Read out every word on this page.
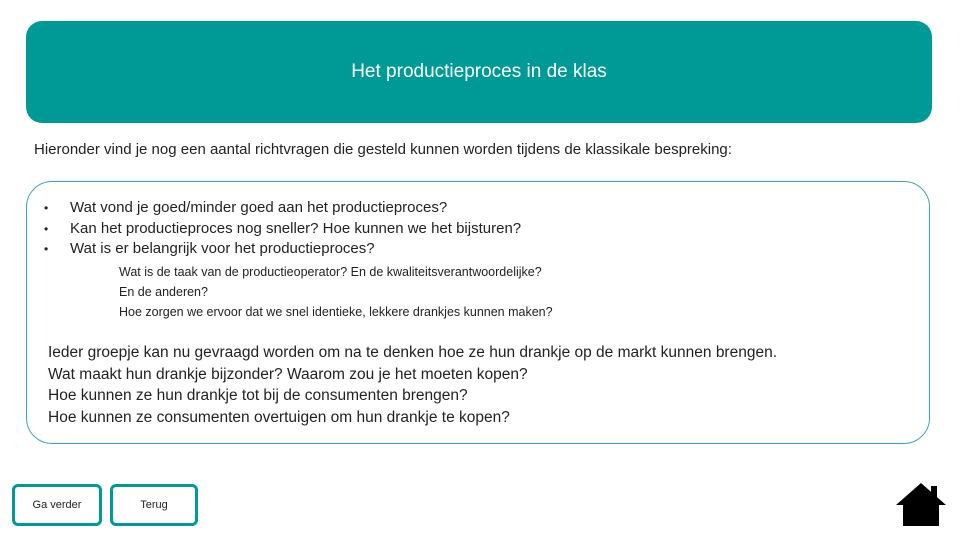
Het productieproces in de klas
Hieronder vind je nog een aantal richtvragen die gesteld kunnen worden tijdens de klassikale bespreking:
•	Wat vond je goed/minder goed aan het productieproces?
•	Kan het productieproces nog sneller? Hoe kunnen we het bijsturen?
•	Wat is er belangrijk voor het productieproces?
Wat is de taak van de productieoperator? En de kwaliteitsverantwoordelijke?
En de anderen?
Hoe zorgen we ervoor dat we snel identieke, lekkere drankjes kunnen maken?
Ieder groepje kan nu gevraagd worden om na te denken hoe ze hun drankje op de markt kunnen brengen.
Wat maakt hun drankje bijzonder? Waarom zou je het moeten kopen?
Hoe kunnen ze hun drankje tot bij de consumenten brengen?
Hoe kunnen ze consumenten overtuigen om hun drankje te kopen?
Ga verder	Terug
